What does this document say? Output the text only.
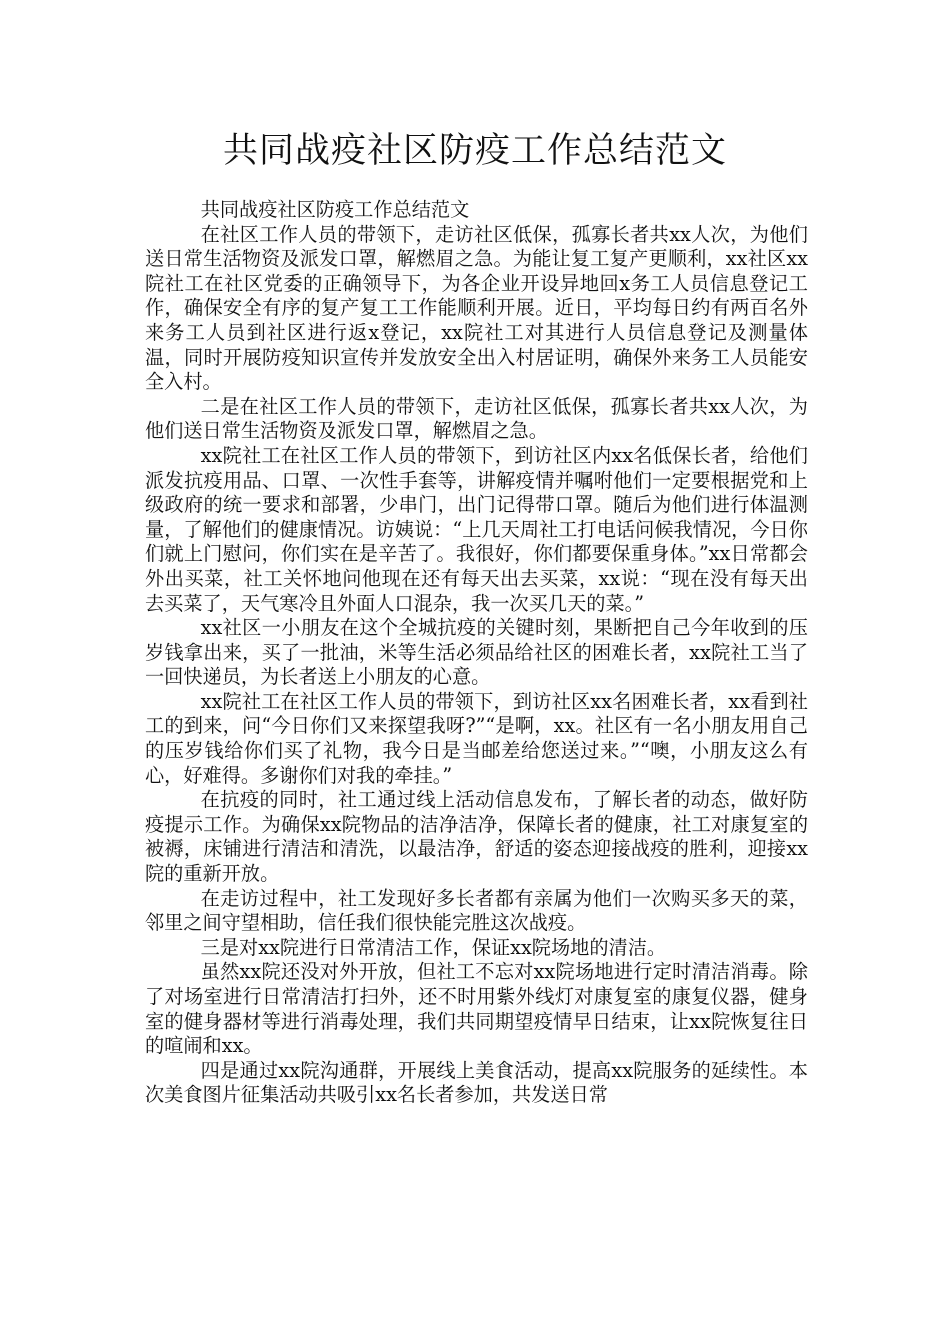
共同战疫社区防疫工作总结范文

共同战疫社区防疫工作总结范文

在社区工作人员的带领下，走访社区低保，孤寡长者共xx人次，为他们送日常生活物资及派发口罩，解燃眉之急。为能让复工复产更顺利，xx社区xx院社工在社区党委的正确领导下，为各企业开设异地回x务工人员信息登记工作，确保安全有序的复产复工工作能顺利开展。近日，平均每日约有两百名外来务工人员到社区进行返x登记，xx院社工对其进行人员信息登记及测量体温，同时开展防疫知识宣传并发放安全出入村居证明，确保外来务工人员能安全入村。

二是在社区工作人员的带领下，走访社区低保，孤寡长者共xx人次，为他们送日常生活物资及派发口罩，解燃眉之急。

xx院社工在社区工作人员的带领下，到访社区内xx名低保长者，给他们派发抗疫用品、口罩、一次性手套等，讲解疫情并嘱咐他们一定要根据党和上级政府的统一要求和部署，少串门，出门记得带口罩。随后为他们进行体温测量，了解他们的健康情况。访姨说：“上几天周社工打电话问候我情况，今日你们就上门慰问，你们实在是辛苦了。我很好，你们都要保重身体。”xx日常都会外出买菜，社工关怀地问他现在还有每天出去买菜，xx说：“现在没有每天出去买菜了，天气寒冷且外面人口混杂，我一次买几天的菜。”

xx社区一小朋友在这个全城抗疫的关键时刻，果断把自己今年收到的压岁钱拿出来，买了一批油，米等生活必须品给社区的困难长者，xx院社工当了一回快递员，为长者送上小朋友的心意。

xx院社工在社区工作人员的带领下，到访社区xx名困难长者，xx看到社工的到来，问“今日你们又来探望我呀?”“是啊，xx。社区有一名小朋友用自己的压岁钱给你们买了礼物，我今日是当邮差给您送过来。”“噢，小朋友这么有心，好难得。多谢你们对我的牵挂。”

在抗疫的同时，社工通过线上活动信息发布，了解长者的动态，做好防疫提示工作。为确保xx院物品的洁净洁净，保障长者的健康，社工对康复室的被褥，床铺进行清洁和清洗，以最洁净，舒适的姿态迎接战疫的胜利，迎接xx院的重新开放。

在走访过程中，社工发现好多长者都有亲属为他们一次购买多天的菜，邻里之间守望相助，信任我们很快能完胜这次战疫。

三是对xx院进行日常清洁工作，保证xx院场地的清洁。

虽然xx院还没对外开放，但社工不忘对xx院场地进行定时清洁消毒。除了对场室进行日常清洁打扫外，还不时用紫外线灯对康复室的康复仪器，健身室的健身器材等进行消毒处理，我们共同期望疫情早日结束，让xx院恢复往日的喧闹和xx。

四是通过xx院沟通群，开展线上美食活动，提高xx院服务的延续性。本次美食图片征集活动共吸引xx名长者参加，共发送日常
